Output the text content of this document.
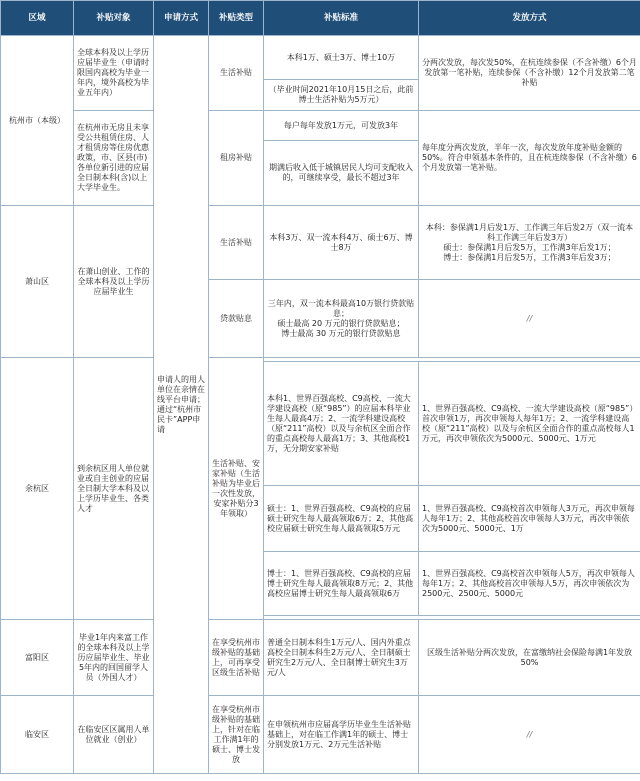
区域	补贴对象	申请方式	补贴类型	补贴标准	发放方式
杭州市（本级）	全球本科及以上学历应届毕业生（申请时限国内高校为毕业一年内，境外高校为毕业五年内）	申请人的用人单位在亲情在线平台申请；通过“杭州市民卡”APP申请	生活补贴	本科1万、硕士3万、博士10万	分两次发放，每次发50%，在杭连续参保（不含补缴）6个月发放第一笔补贴，连续参保（不含补缴）12个月发放第二笔补贴
				（毕业时间2021年10月15日之后，此前博士生活补贴为5万元）	
	在杭州市无房且未享受公共租赁住房、人才租赁房等住房优惠政策，市、区县(市)各单位新引进的应届全日制本科(含)以上大学毕业生。		租房补贴	每户每年发放1万元，可发放3年	每年度分两次发放，半年一次，每次发放年度补贴金额的50%。符合申领基本条件的，且在杭连续参保（不含补缴）6个月发放第一笔补贴。
				期满后收入低于城镇居民人均可支配收入的，可继续享受，最长不超过3年	
萧山区	在萧山创业、工作的全球本科及以上学历应届毕业生		生活补贴	本科3万、双一流本科4万、硕士6万、博士8万	本科：参保满1月后发1万、工作满三年后发2万（双一流本科工作满三年后发3万）
硕士：参保满1月后发5万，工作满3年后发1万；
博士：参保满1月后发5万，工作满3年后发3万；

			贷款贴息	三年内，双一流本科最高10万银行贷款贴息；
硕士最高 20 万元的银行贷款贴息；
博士最高 30 万元的银行贷款贴息	//
余杭区	到余杭区用人单位就业或自主创业的应届全日制大学本科及以上学历毕业生、各类人才		生活补贴、安家补贴（生活补贴为毕业后一次性发放，安家补贴分3年领取）		
				本科1、世界百强高校、C9高校、一流大学建设高校（原“985”）的应届本科毕业生每人最高4万；2、一流学科建设高校（原“211”高校）以及与余杭区全面合作的重点高校每人最高1万；3、其他高校1万，无分期安家补贴	1、世界百强高校、C9高校、一流大学建设高校（原“985”）首次申领1万，再次申领每人每年1万；2、一流学科建设高校（原“211”高校）以及与余杭区全面合作的重点高校每人1万元，再次申领依次为5000元、5000元、1万元
				硕士：1、世界百强高校、C9高校的应届硕士研究生每人最高领取6万；2、其他高校应届硕士研究生每人最高领取5万元	1、世界百强高校、C9高校首次申领每人3万元，再次申领每人每年1万；2、其他高校首次申领每人3万元，再次申领依次为5000元、5000元、1万
				博士：1、世界百强高校、C9高校的应届博士研究生每人最高领取8万元；2、其他高校应届博士研究生每人最高领取6万	1、世界百强高校、C9高校首次申领每人5万，再次申领每人每年1万；2、其他高校首次申领每人5万，再次申领依次为2500元、2500元、5000元

富阳区	毕业1年内来富工作的全球本科及以上学历应届毕业生、毕业5年内的回国留学人员（外国人才）		在享受杭州市级补贴的基础上，可再享受区级生活补贴	普通全日制本科生1万元/人、国内外重点高校全日制本科生2万元/人、全日制硕士研究生2万元/人、全日制博士研究生3万元/人	区级生活补贴分两次发放，在富缴纳社会保险每满1年发放50%
临安区	在临安区区属用人单位就业（创业）		在享受杭州市级补贴的基础上，针对在临工作满1年的硕士、博士发放	在申领杭州市应届高学历毕业生生活补贴基础上，对在临工作满1年的硕士、博士分别发放1万元、2万元生活补贴	//
